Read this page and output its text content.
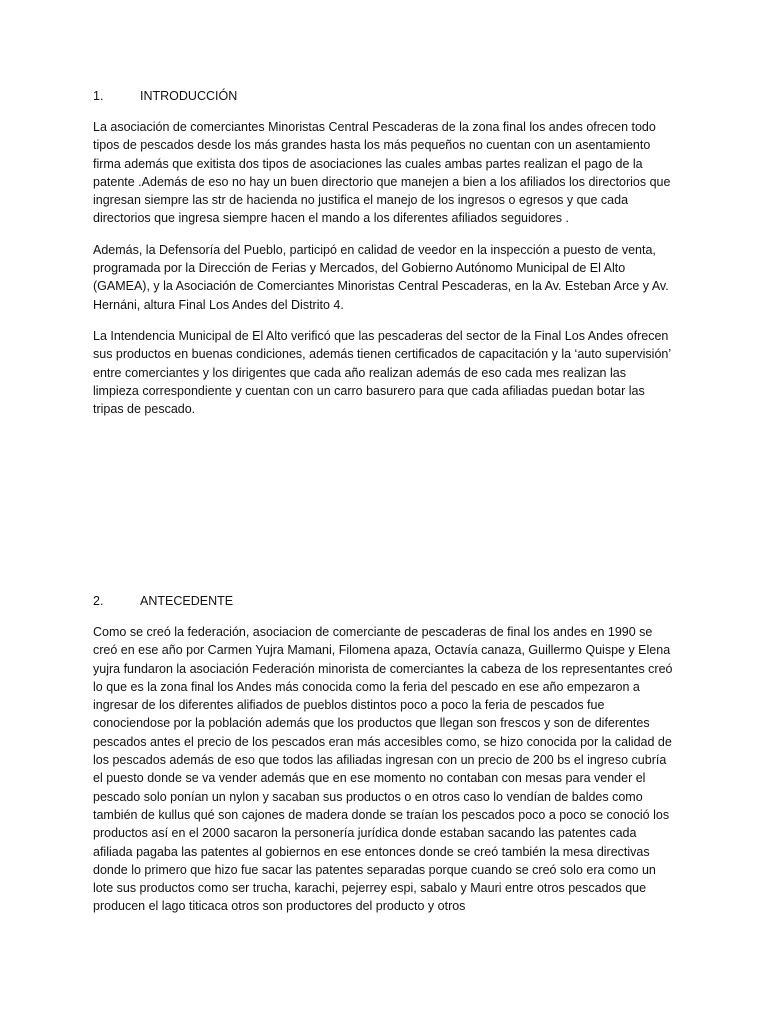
1.	INTRODUCCIÓN

La asociación de comerciantes Minoristas Central Pescaderas de la zona final los andes ofrecen todo tipos de pescados desde los más grandes hasta los más pequeños no cuentan con un asentamiento firma además que exitista dos tipos de asociaciones las cuales ambas partes realizan el pago de la patente .Además de eso no hay un buen directorio que manejen a bien a los afiliados los directorios que ingresan siempre las str de hacienda no justifica el manejo de los ingresos o egresos y que cada directorios que ingresa siempre hacen el mando a los diferentes afiliados seguidores .

Además, la Defensoría del Pueblo, participó en calidad de veedor en la inspección a puesto de venta, programada por la Dirección de Ferias y Mercados, del Gobierno Autónomo Municipal de El Alto (GAMEA), y la Asociación de Comerciantes Minoristas Central Pescaderas, en la Av. Esteban Arce y Av. Hernáni, altura Final Los Andes del Distrito 4.

La Intendencia Municipal de El Alto verificó que las pescaderas del sector de la Final Los Andes ofrecen sus productos en buenas condiciones, además tienen certificados de capacitación y la ‘auto supervisión’        entre comerciantes y los dirigentes que cada año realizan además de eso cada mes realizan las limpieza correspondiente y cuentan con un carro basurero para que cada afiliadas puedan botar las tripas de pescado.

2.	ANTECEDENTE

Como se creó la federación, asociacion de comerciante de pescaderas de final los andes en 1990 se creó en ese año por Carmen Yujra Mamani, Filomena apaza, Octavía canaza, Guillermo Quispe y Elena yujra fundaron la asociación Federación minorista de comerciantes la cabeza de los representantes creó lo que es la zona final los Andes más conocida como la feria del pescado en ese año empezaron a ingresar de los diferentes alifiados de pueblos distintos poco a poco la feria de pescados fue conociendose por la población además que los productos que llegan son frescos y son de diferentes pescados antes el precio de los pescados eran más accesibles como, se hizo conocida por la calidad de los pescados además de eso que todos las afiliadas ingresan con un precio de 200 bs el ingreso cubría el puesto donde se va vender además que en ese momento no contaban con mesas para vender el pescado solo ponían un nylon y sacaban sus productos o en otros caso lo vendían de baldes como también de kullus qué son cajones de madera donde se traían los pescados poco a poco se conoció los productos así en el 2000 sacaron la personería jurídica donde estaban sacando las patentes cada afiliada pagaba las patentes al gobiernos en ese entonces donde se creó también la mesa directivas donde lo primero que hizo fue sacar las patentes separadas porque cuando se creó solo era como un lote sus productos como ser trucha, karachi, pejerrey espi, sabalo y Mauri entre otros pescados que producen el lago titicaca otros son productores del producto y otros
